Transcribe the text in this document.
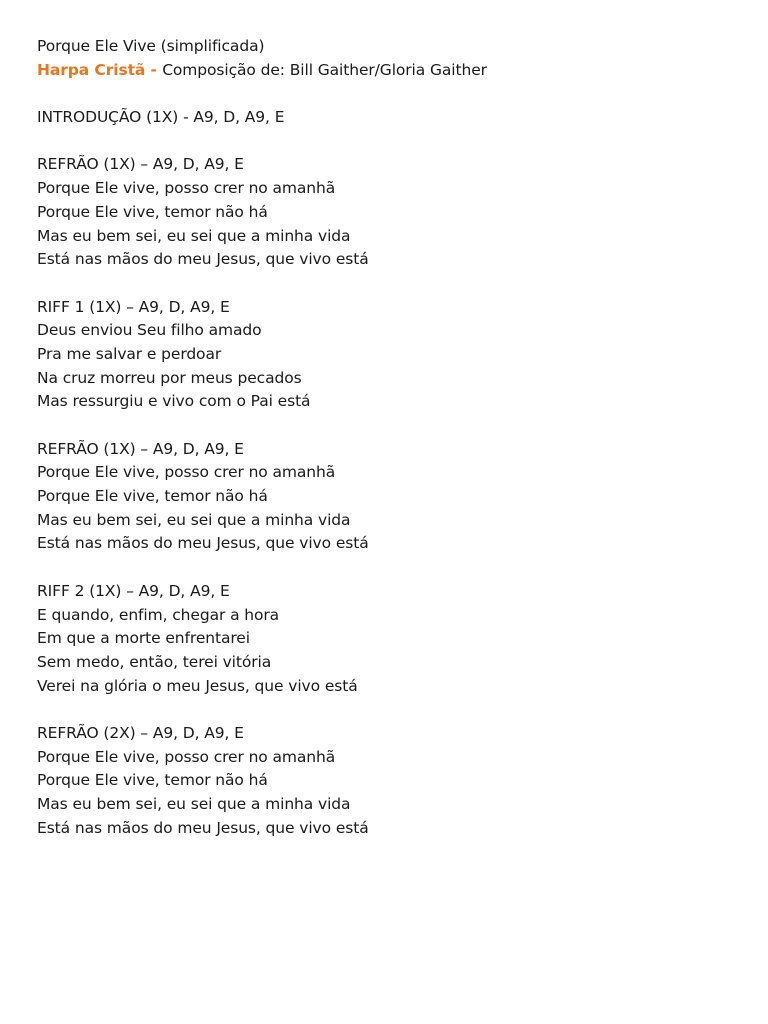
Porque Ele Vive (simplificada)
Harpa Cristã - Composição de: Bill Gaither/Gloria Gaither
INTRODUÇÃO (1X) - A9, D, A9, E
REFRÃO (1X) – A9, D, A9, E
Porque Ele vive, posso crer no amanhã
Porque Ele vive, temor não há
Mas eu bem sei, eu sei que a minha vida
Está nas mãos do meu Jesus, que vivo está
RIFF 1 (1X) – A9, D, A9, E
Deus enviou Seu filho amado
Pra me salvar e perdoar
Na cruz morreu por meus pecados
Mas ressurgiu e vivo com o Pai está
REFRÃO (1X) – A9, D, A9, E
Porque Ele vive, posso crer no amanhã
Porque Ele vive, temor não há
Mas eu bem sei, eu sei que a minha vida
Está nas mãos do meu Jesus, que vivo está
RIFF 2 (1X) – A9, D, A9, E
E quando, enfim, chegar a hora
Em que a morte enfrentarei
Sem medo, então, terei vitória
Verei na glória o meu Jesus, que vivo está
REFRÃO (2X) – A9, D, A9, E
Porque Ele vive, posso crer no amanhã
Porque Ele vive, temor não há
Mas eu bem sei, eu sei que a minha vida
Está nas mãos do meu Jesus, que vivo está
